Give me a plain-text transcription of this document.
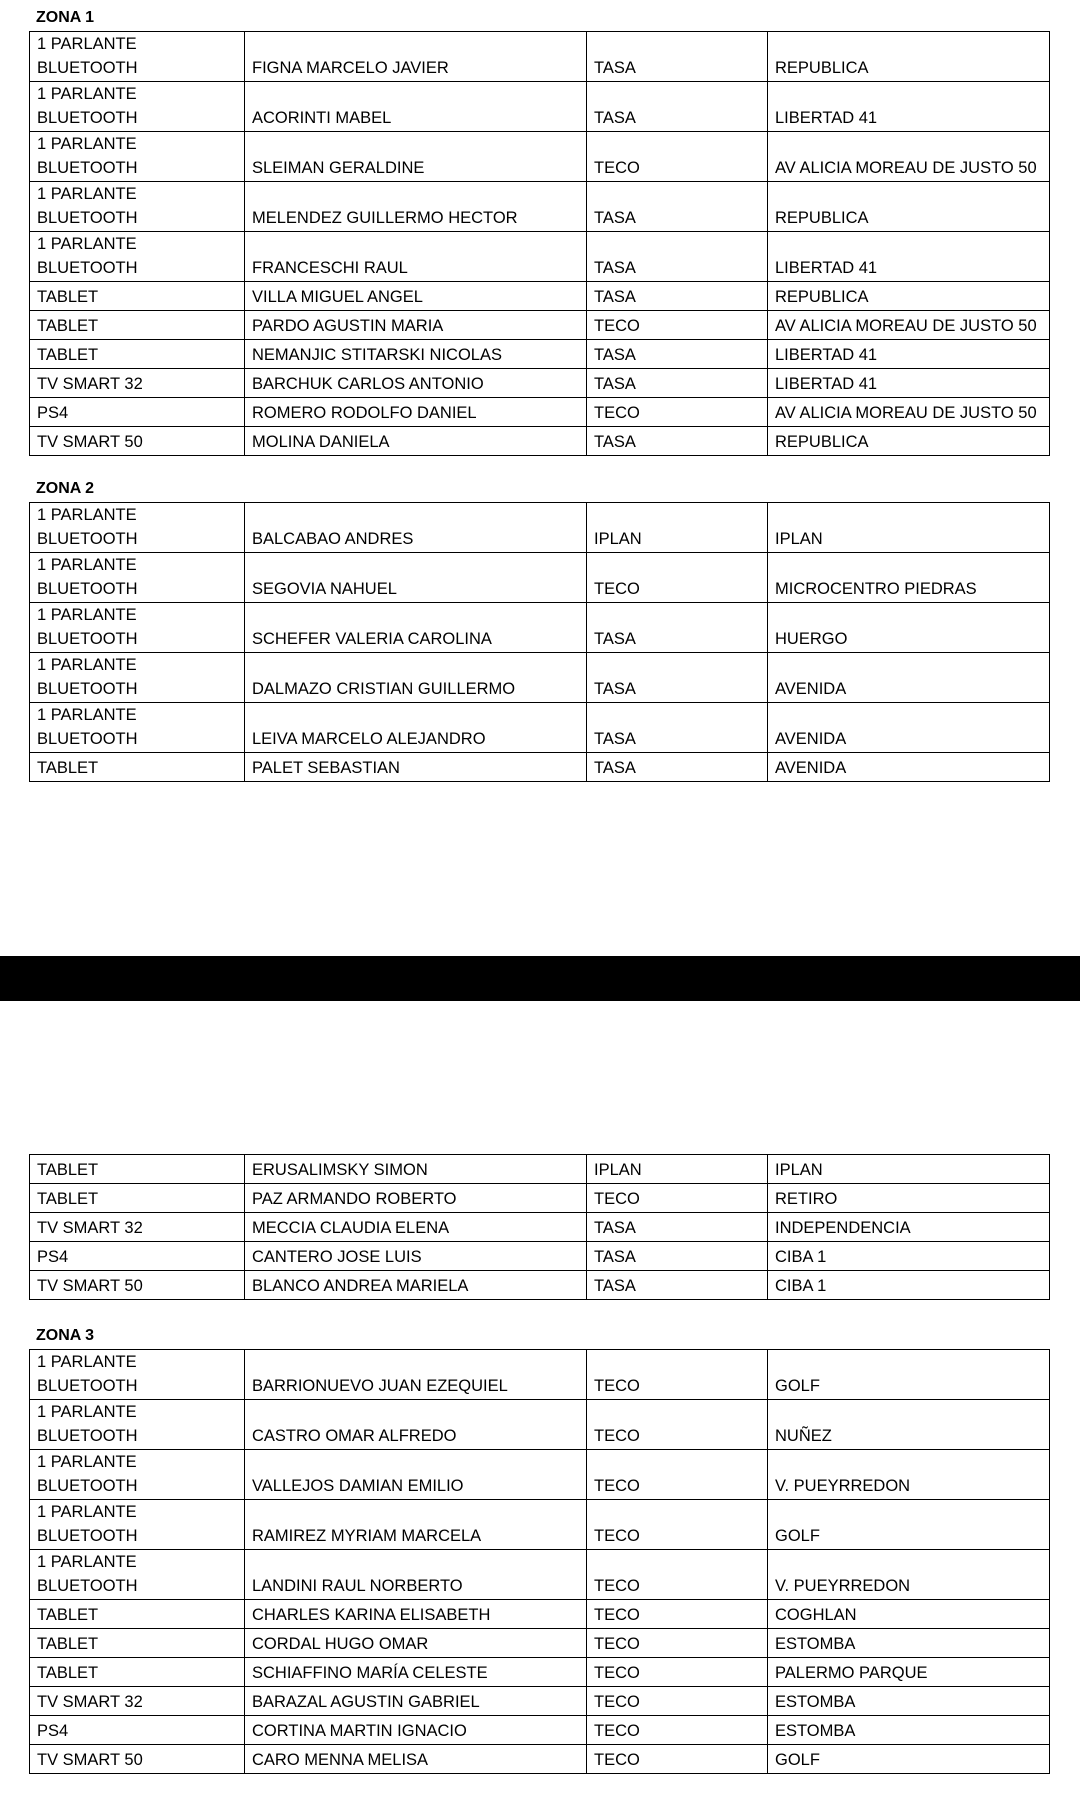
ZONA 1
1 PARLANTE
BLUETOOTH	FIGNA MARCELO JAVIER	TASA	REPUBLICA

1 PARLANTE
BLUETOOTH	ACORINTI MABEL	TASA	LIBERTAD 41

1 PARLANTE
BLUETOOTH	SLEIMAN GERALDINE	TECO	AV ALICIA MOREAU DE JUSTO 50

1 PARLANTE
BLUETOOTH	MELENDEZ GUILLERMO HECTOR	TASA	REPUBLICA

1 PARLANTE
BLUETOOTH	FRANCESCHI RAUL	TASA	LIBERTAD 41

TABLET	VILLA MIGUEL ANGEL	TASA	REPUBLICA

TABLET	PARDO AGUSTIN MARIA	TECO	AV ALICIA MOREAU DE JUSTO 50

TABLET	NEMANJIC STITARSKI NICOLAS	TASA	LIBERTAD 41

TV SMART 32	BARCHUK CARLOS ANTONIO	TASA	LIBERTAD 41

PS4	ROMERO RODOLFO DANIEL	TECO	AV ALICIA MOREAU DE JUSTO 50

TV SMART 50	MOLINA DANIELA	TASA	REPUBLICA
ZONA 2
1 PARLANTE
BLUETOOTH	BALCABAO ANDRES	IPLAN	IPLAN

1 PARLANTE
BLUETOOTH	SEGOVIA NAHUEL	TECO	MICROCENTRO PIEDRAS

1 PARLANTE
BLUETOOTH	SCHEFER VALERIA CAROLINA	TASA	HUERGO

1 PARLANTE
BLUETOOTH	DALMAZO CRISTIAN GUILLERMO	TASA	AVENIDA

1 PARLANTE
BLUETOOTH	LEIVA MARCELO ALEJANDRO	TASA	AVENIDA

TABLET	PALET SEBASTIAN	TASA	AVENIDA
TABLET	ERUSALIMSKY SIMON	IPLAN	IPLAN

TABLET	PAZ ARMANDO ROBERTO	TECO	RETIRO

TV SMART 32	MECCIA CLAUDIA ELENA	TASA	INDEPENDENCIA

PS4	CANTERO JOSE LUIS	TASA	CIBA 1

TV SMART 50	BLANCO ANDREA MARIELA	TASA	CIBA 1
ZONA 3
1 PARLANTE
BLUETOOTH	BARRIONUEVO JUAN EZEQUIEL	TECO	GOLF

1 PARLANTE
BLUETOOTH	CASTRO OMAR ALFREDO	TECO	NUÑEZ

1 PARLANTE
BLUETOOTH	VALLEJOS DAMIAN EMILIO	TECO	V. PUEYRREDON

1 PARLANTE
BLUETOOTH	RAMIREZ MYRIAM MARCELA	TECO	GOLF

1 PARLANTE
BLUETOOTH	LANDINI RAUL NORBERTO	TECO	V. PUEYRREDON

TABLET	CHARLES KARINA ELISABETH	TECO	COGHLAN

TABLET	CORDAL HUGO OMAR	TECO	ESTOMBA

TABLET	SCHIAFFINO MARÍA CELESTE	TECO	PALERMO PARQUE

TV SMART 32	BARAZAL AGUSTIN GABRIEL	TECO	ESTOMBA

PS4	CORTINA MARTIN IGNACIO	TECO	ESTOMBA

TV SMART 50	CARO MENNA MELISA	TECO	GOLF
